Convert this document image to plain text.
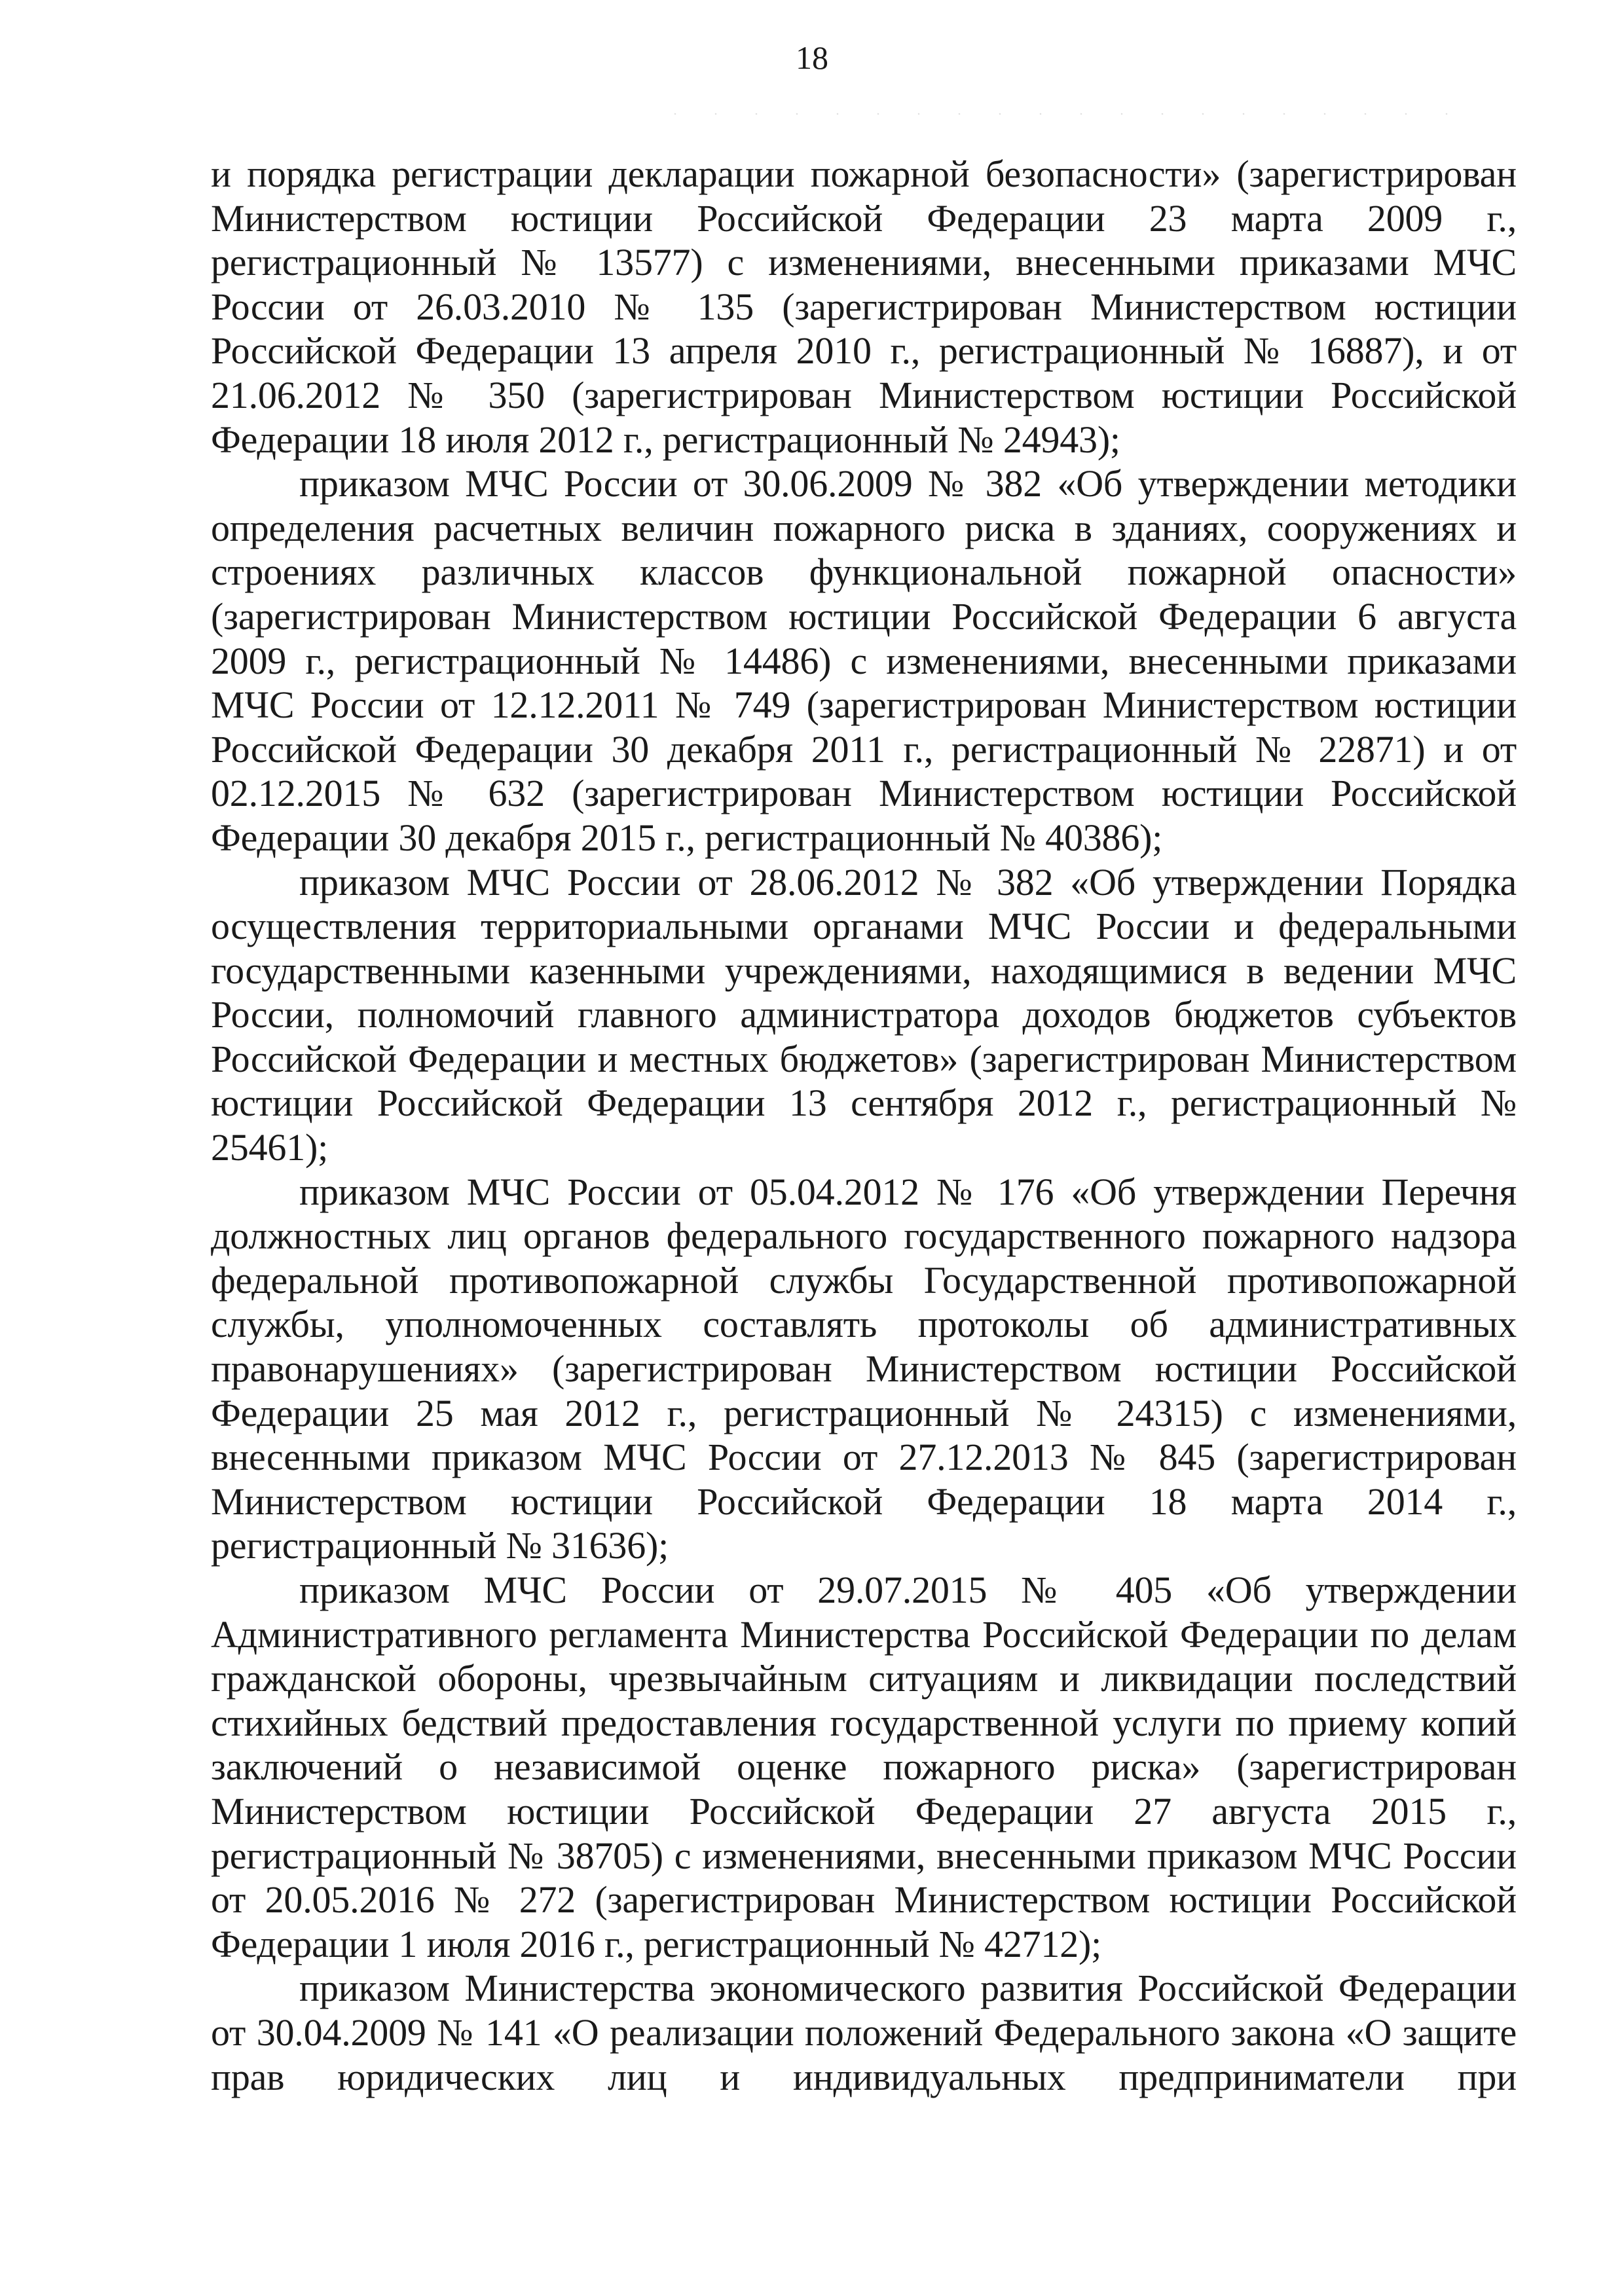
18

и порядка регистрации декларации пожарной безопасности» (зарегистрирован Министерством юстиции Российской Федерации 23 марта 2009 г., регистрационный № 13577) с изменениями, внесенными приказами МЧС России от 26.03.2010 № 135 (зарегистрирован Министерством юстиции Российской Федерации 13 апреля 2010 г., регистрационный № 16887), и от 21.06.2012 № 350 (зарегистрирован Министерством юстиции Российской Федерации 18 июля 2012 г., регистрационный № 24943);

приказом МЧС России от 30.06.2009 № 382 «Об утверждении методики определения расчетных величин пожарного риска в зданиях, сооружениях и строениях различных классов функциональной пожарной опасности» (зарегистрирован Министерством юстиции Российской Федерации 6 августа 2009 г., регистрационный № 14486) с изменениями, внесенными приказами МЧС России от 12.12.2011 № 749 (зарегистрирован Министерством юстиции Российской Федерации 30 декабря 2011 г., регистрационный № 22871) и от 02.12.2015 № 632 (зарегистрирован Министерством юстиции Российской Федерации 30 декабря 2015 г., регистрационный № 40386);

приказом МЧС России от 28.06.2012 № 382 «Об утверждении Порядка осуществления территориальными органами МЧС России и федеральными государственными казенными учреждениями, находящимися в ведении МЧС России, полномочий главного администратора доходов бюджетов субъектов Российской Федерации и местных бюджетов» (зарегистрирован Министерством юстиции Российской Федерации 13 сентября 2012 г., регистрационный № 25461);

приказом МЧС России от 05.04.2012 № 176 «Об утверждении Перечня должностных лиц органов федерального государственного пожарного надзора федеральной противопожарной службы Государственной противопожарной службы, уполномоченных составлять протоколы об административных правонарушениях» (зарегистрирован Министерством юстиции Российской Федерации 25 мая 2012 г., регистрационный № 24315) с изменениями, внесенными приказом МЧС России от 27.12.2013 № 845 (зарегистрирован Министерством юстиции Российской Федерации 18 марта 2014 г., регистрационный № 31636);

приказом МЧС России от 29.07.2015 № 405 «Об утверждении Административного регламента Министерства Российской Федерации по делам гражданской обороны, чрезвычайным ситуациям и ликвидации последствий стихийных бедствий предоставления государственной услуги по приему копий заключений о независимой оценке пожарного риска» (зарегистрирован Министерством юстиции Российской Федерации 27 августа 2015 г., регистрационный № 38705) с изменениями, внесенными приказом МЧС России от 20.05.2016 № 272 (зарегистрирован Министерством юстиции Российской Федерации 1 июля 2016 г., регистрационный № 42712);

приказом Министерства экономического развития Российской Федерации от 30.04.2009 № 141 «О реализации положений Федерального закона «О защите прав юридических лиц и индивидуальных предприниматели при
